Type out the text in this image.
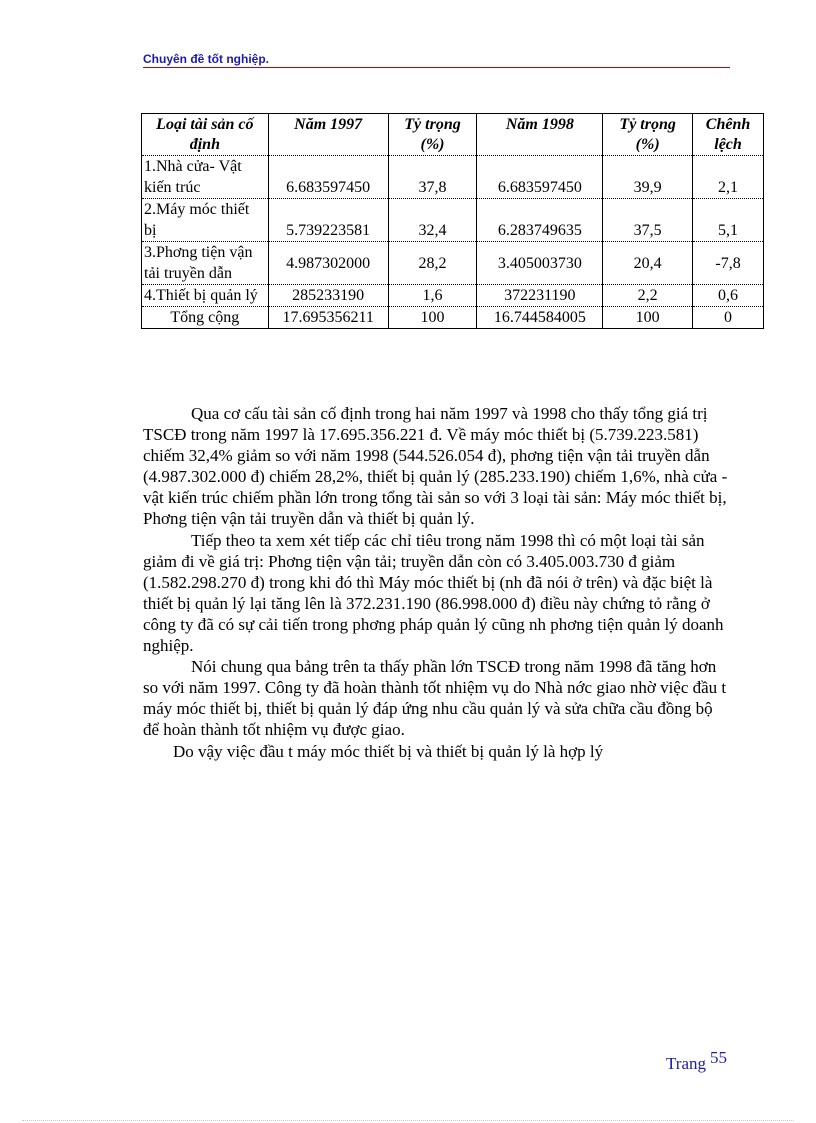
Chuyên đề tốt nghiệp.
Loại tài sản cố định	Năm 1997	Tỷ trọng (%)	Năm 1998	Tỷ trọng (%)	Chênh lệch
1.Nhà cửa- Vật kiến trúc	6.683597450	37,8	6.683597450	39,9	2,1
2.Máy móc thiết bị	5.739223581	32,4	6.283749635	37,5	5,1
3.Phơng tiện vận tải truyền dẫn	4.987302000	28,2	3.405003730	20,4	-7,8
4.Thiết bị quản lý	285233190	1,6	372231190	2,2	0,6
Tổng cộng	17.695356211	100	16.744584005	100	0

Qua cơ cấu tài sản cố định trong hai năm 1997 và 1998 cho thấy tổng giá trị TSCĐ trong năm 1997 là 17.695.356.221 đ. Về máy móc thiết bị (5.739.223.581) chiếm 32,4% giảm so với năm 1998 (544.526.054 đ), phơng tiện vận tải truyền dẫn (4.987.302.000 đ) chiếm 28,2%, thiết bị quản lý (285.233.190) chiếm 1,6%, nhà cửa - vật kiến trúc chiếm phần lớn trong tổng tài sản so với 3 loại tài sản: Máy móc thiết bị, Phơng tiện vận tải truyền dẫn và thiết bị quản lý.

Tiếp theo ta xem xét tiếp các chỉ tiêu trong năm 1998 thì có một loại tài sản giảm đi về giá trị: Phơng tiện vận tải; truyền dẫn còn có 3.405.003.730 đ giảm (1.582.298.270 đ) trong khi đó thì Máy móc thiết bị (nh đã nói ở trên) và đặc biệt là thiết bị quản lý lại tăng lên là 372.231.190 (86.998.000 đ) điều này chứng tỏ rằng ở công ty đã có sự cải tiến trong phơng pháp quản lý cũng nh phơng tiện quản lý doanh nghiệp.

Nói chung qua bảng trên ta thấy phần lớn TSCĐ trong năm 1998 đã tăng hơn so với năm 1997. Công ty đã hoàn thành tốt nhiệm vụ do Nhà nớc giao nhờ việc đầu t máy móc thiết bị, thiết bị quản lý đáp ứng nhu cầu quản lý và sửa chữa cầu đồng bộ để hoàn thành tốt nhiệm vụ được giao.

Do vậy việc đầu t máy móc thiết bị và thiết bị quản lý là hợp lý

Trang 55
